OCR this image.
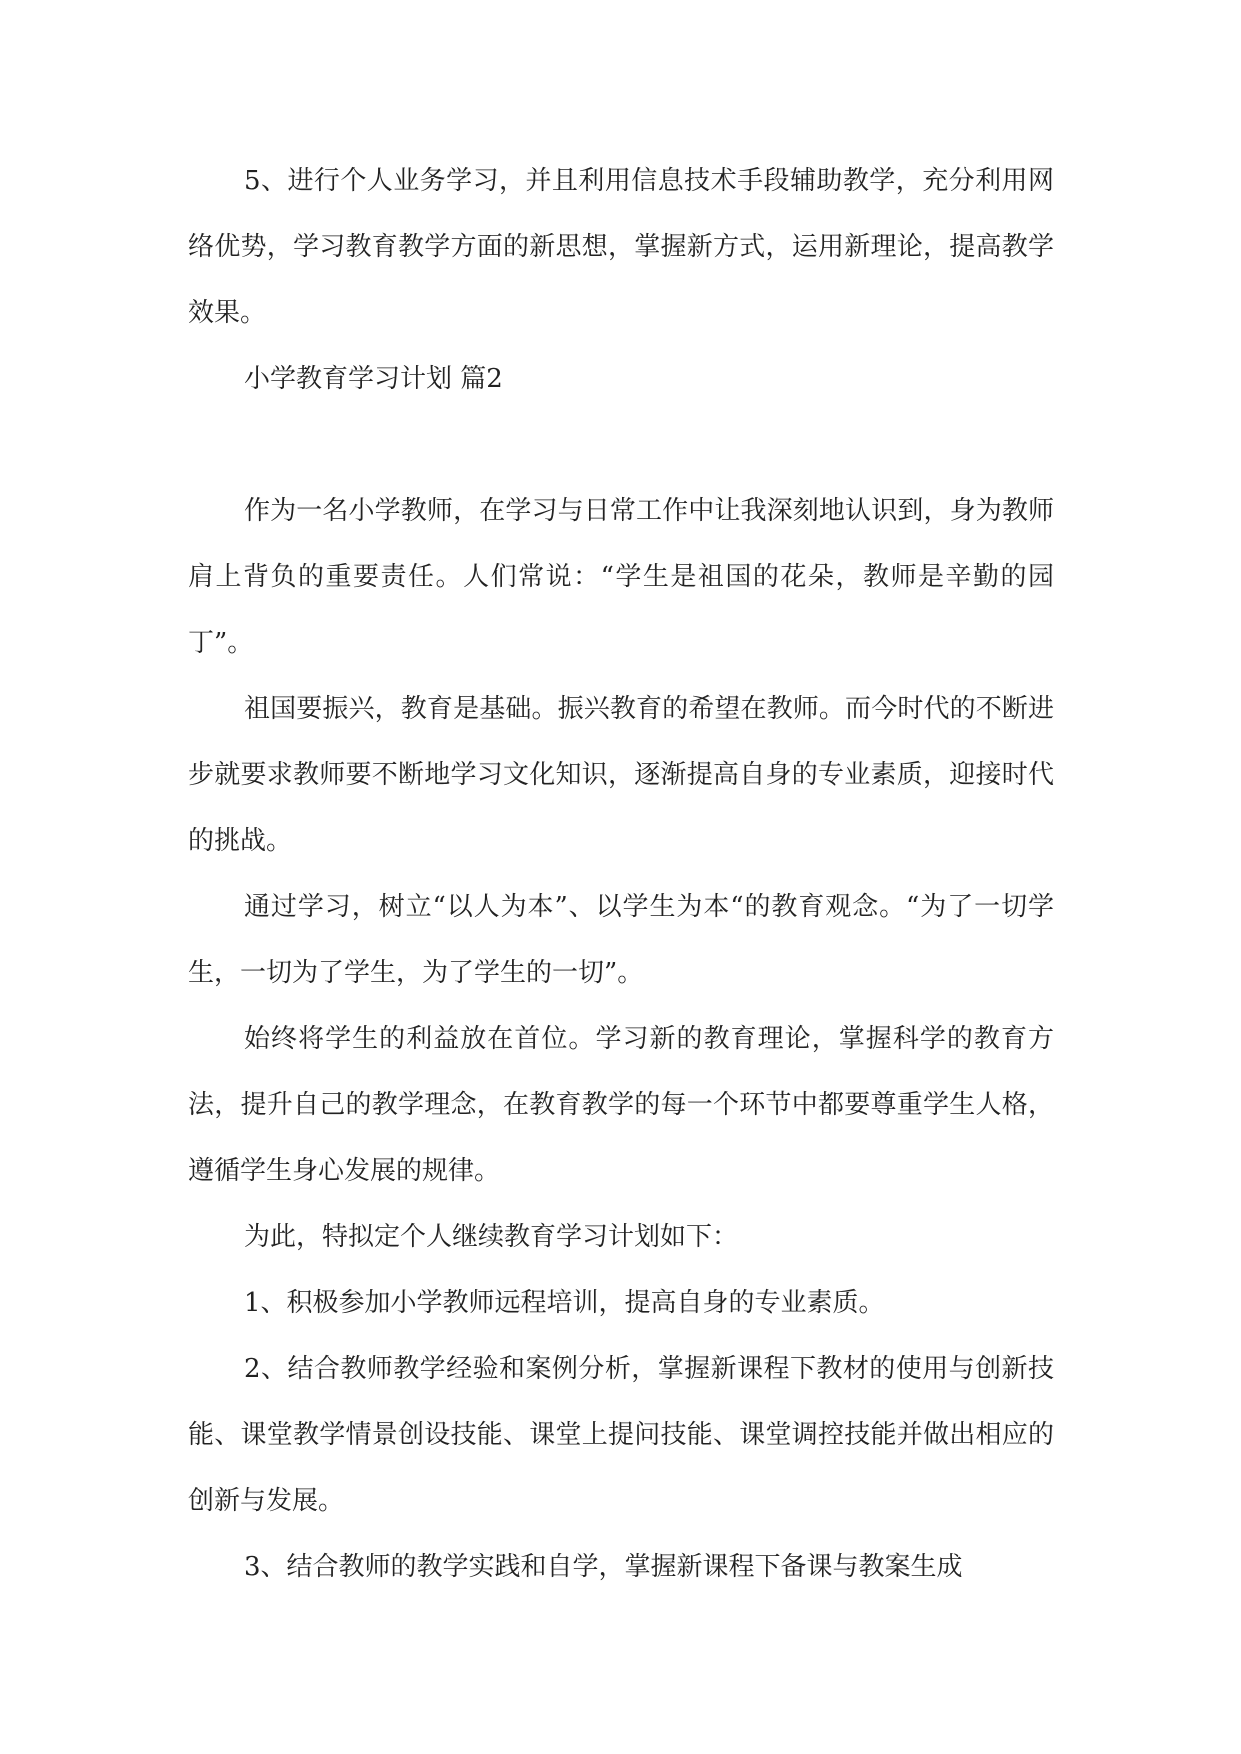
5、进行个人业务学习，并且利用信息技术手段辅助教学，充分利用网络优势，学习教育教学方面的新思想，掌握新方式，运用新理论，提高教学效果。

小学教育学习计划 篇2

作为一名小学教师，在学习与日常工作中让我深刻地认识到，身为教师肩上背负的重要责任。人们常说：“学生是祖国的花朵，教师是辛勤的园丁”。

祖国要振兴，教育是基础。振兴教育的希望在教师。而今时代的不断进步就要求教师要不断地学习文化知识，逐渐提高自身的专业素质，迎接时代的挑战。

通过学习，树立“以人为本”、以学生为本“的教育观念。“为了一切学生，一切为了学生，为了学生的一切”。

始终将学生的利益放在首位。学习新的教育理论，掌握科学的教育方法，提升自己的教学理念，在教育教学的每一个环节中都要尊重学生人格，遵循学生身心发展的规律。

为此，特拟定个人继续教育学习计划如下：

1、积极参加小学教师远程培训，提高自身的专业素质。

2、结合教师教学经验和案例分析，掌握新课程下教材的使用与创新技能、课堂教学情景创设技能、课堂上提问技能、课堂调控技能并做出相应的创新与发展。

3、结合教师的教学实践和自学，掌握新课程下备课与教案生成
